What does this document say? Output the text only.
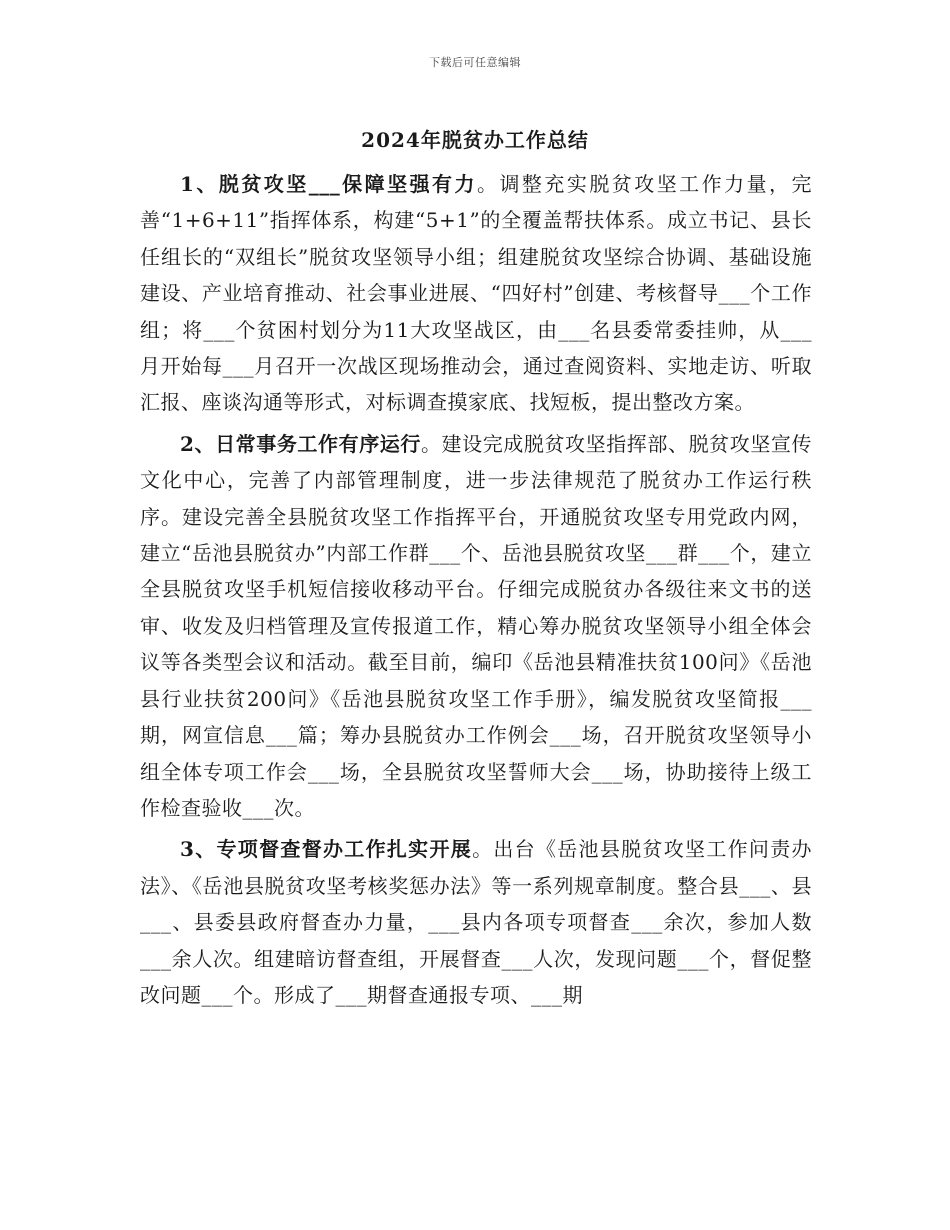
下载后可任意编辑
2024年脱贫办工作总结

1、脱贫攻坚___保障坚强有力。调整充实脱贫攻坚工作力量，完善“1+6+11”指挥体系，构建“5+1”的全覆盖帮扶体系。成立书记、县长任组长的“双组长”脱贫攻坚领导小组；组建脱贫攻坚综合协调、基础设施建设、产业培育推动、社会事业进展、“四好村”创建、考核督导___个工作组；将___个贫困村划分为11大攻坚战区，由___名县委常委挂帅，从___月开始每___月召开一次战区现场推动会，通过查阅资料、实地走访、听取汇报、座谈沟通等形式，对标调查摸家底、找短板，提出整改方案。

2、日常事务工作有序运行。建设完成脱贫攻坚指挥部、脱贫攻坚宣传文化中心，完善了内部管理制度，进一步法律规范了脱贫办工作运行秩序。建设完善全县脱贫攻坚工作指挥平台，开通脱贫攻坚专用党政内网，建立“岳池县脱贫办”内部工作群___个、岳池县脱贫攻坚___群___个，建立全县脱贫攻坚手机短信接收移动平台。仔细完成脱贫办各级往来文书的送审、收发及归档管理及宣传报道工作，精心筹办脱贫攻坚领导小组全体会议等各类型会议和活动。截至目前，编印《岳池县精准扶贫100问》《岳池县行业扶贫200问》《岳池县脱贫攻坚工作手册》，编发脱贫攻坚简报___期，网宣信息___篇；筹办县脱贫办工作例会___场，召开脱贫攻坚领导小组全体专项工作会___场，全县脱贫攻坚誓师大会___场，协助接待上级工作检查验收___次。

3、专项督查督办工作扎实开展。出台《岳池县脱贫攻坚工作问责办法》、《岳池县脱贫攻坚考核奖惩办法》等一系列规章制度。整合县___、县___、县委县政府督查办力量，___县内各项专项督查___余次，参加人数___余人次。组建暗访督查组，开展督查___人次，发现问题___个，督促整改问题___个。形成了___期督查通报专项、___期
